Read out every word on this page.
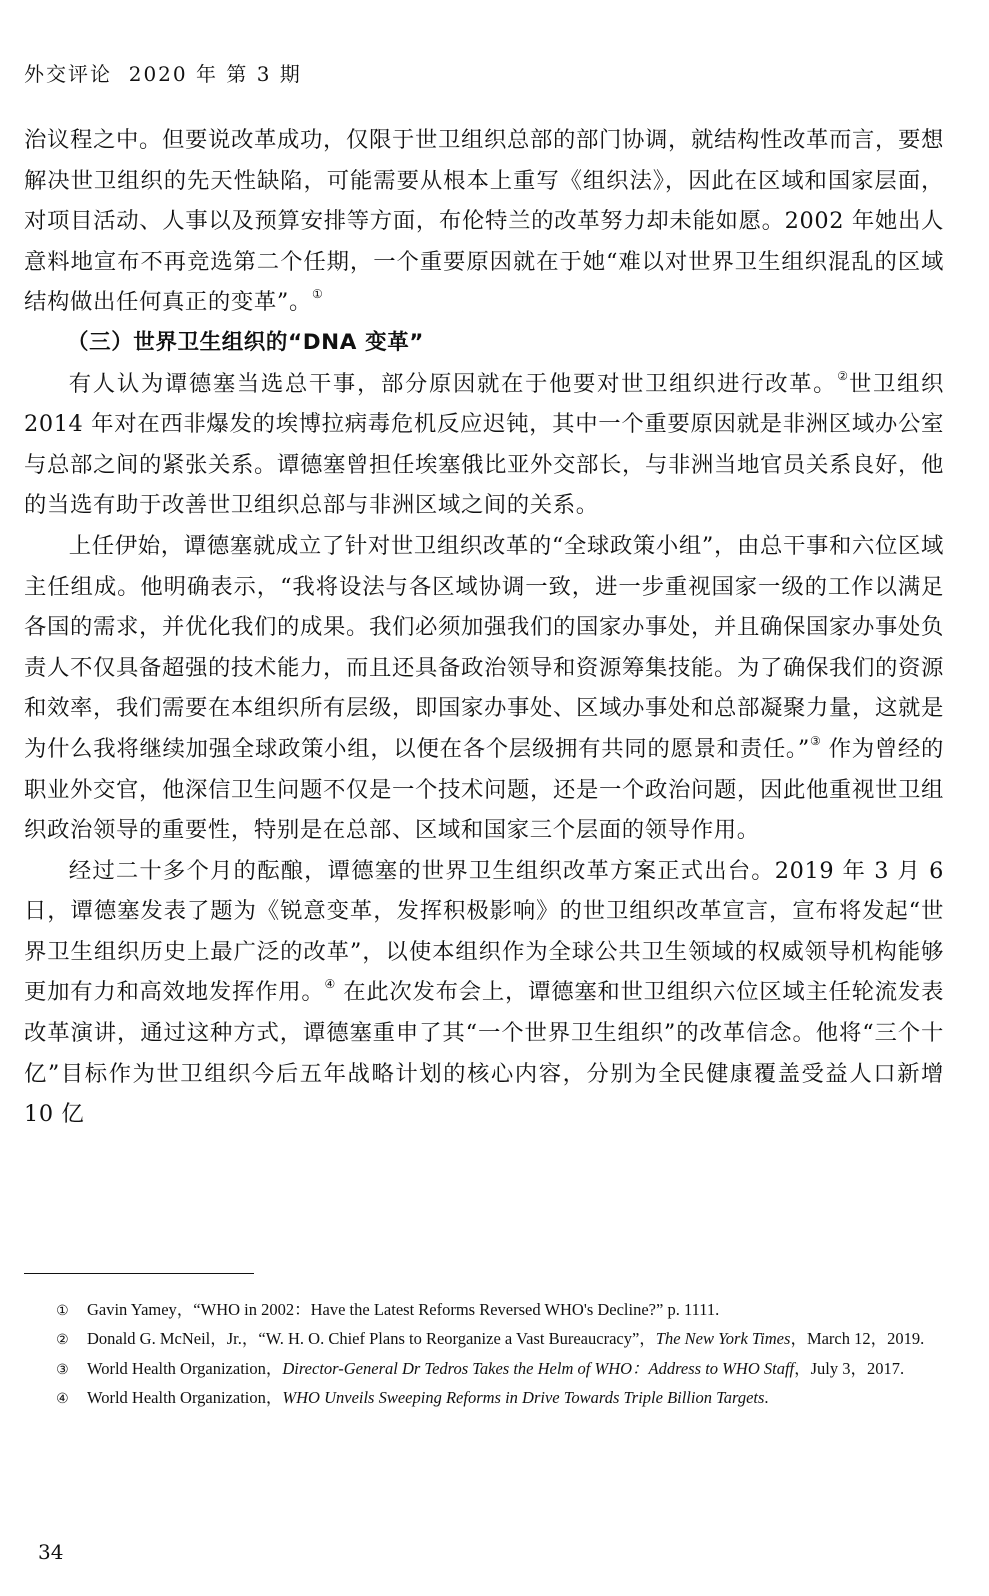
外交评论 2020 年 第 3 期

治议程之中。但要说改革成功，仅限于世卫组织总部的部门协调，就结构性改革而言，要想解决世卫组织的先天性缺陷，可能需要从根本上重写《组织法》，因此在区域和国家层面，对项目活动、人事以及预算安排等方面，布伦特兰的改革努力却未能如愿。2002 年她出人意料地宣布不再竞选第二个任期，一个重要原因就在于她“难以对世界卫生组织混乱的区域结构做出任何真正的变革”。①

（三）世界卫生组织的“DNA 变革”

有人认为谭德塞当选总干事，部分原因就在于他要对世卫组织进行改革。②世卫组织 2014 年对在西非爆发的埃博拉病毒危机反应迟钝，其中一个重要原因就是非洲区域办公室与总部之间的紧张关系。谭德塞曾担任埃塞俄比亚外交部长，与非洲当地官员关系良好，他的当选有助于改善世卫组织总部与非洲区域之间的关系。

上任伊始，谭德塞就成立了针对世卫组织改革的“全球政策小组”，由总干事和六位区域主任组成。他明确表示，“我将设法与各区域协调一致，进一步重视国家一级的工作以满足各国的需求，并优化我们的成果。我们必须加强我们的国家办事处，并且确保国家办事处负责人不仅具备超强的技术能力，而且还具备政治领导和资源筹集技能。为了确保我们的资源和效率，我们需要在本组织所有层级，即国家办事处、区域办事处和总部凝聚力量，这就是为什么我将继续加强全球政策小组，以便在各个层级拥有共同的愿景和责任。”③ 作为曾经的职业外交官，他深信卫生问题不仅是一个技术问题，还是一个政治问题，因此他重视世卫组织政治领导的重要性，特别是在总部、区域和国家三个层面的领导作用。

经过二十多个月的酝酿，谭德塞的世界卫生组织改革方案正式出台。2019 年 3 月 6 日，谭德塞发表了题为《锐意变革，发挥积极影响》的世卫组织改革宣言，宣布将发起“世界卫生组织历史上最广泛的改革”，以使本组织作为全球公共卫生领域的权威领导机构能够更加有力和高效地发挥作用。④ 在此次发布会上，谭德塞和世卫组织六位区域主任轮流发表改革演讲，通过这种方式，谭德塞重申了其“一个世界卫生组织”的改革信念。他将“三个十亿”目标作为世卫组织今后五年战略计划的核心内容，分别为全民健康覆盖受益人口新增 10 亿

① Gavin Yamey，“WHO in 2002：Have the Latest Reforms Reversed WHO's Decline?” p. 1111.

② Donald G. McNeil，Jr.，“W. H. O. Chief Plans to Reorganize a Vast Bureaucracy”，The New York Times，March 12，2019.

③ World Health Organization，Director-General Dr Tedros Takes the Helm of WHO：Address to WHO Staff，July 3，2017.

④ World Health Organization，WHO Unveils Sweeping Reforms in Drive Towards Triple Billion Targets.

34
